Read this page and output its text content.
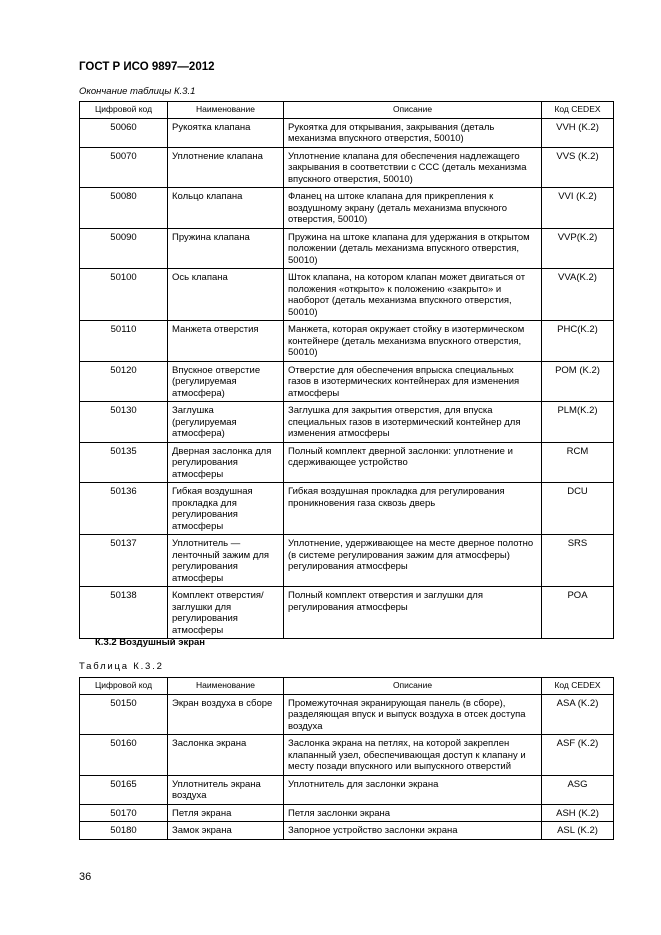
ГОСТ Р ИСО 9897—2012
Окончание таблицы К.3.1
Цифровой код	Наименование	Описание	Код CEDEX
50060	Рукоятка клапана	Рукоятка для открывания, закрывания (деталь механизма впускного отверстия, 50010)	VVH (K.2)
50070	Уплотнение клапана	Уплотнение клапана для обеспечения надлежащего закрывания в соответствии с ССС (деталь механизма впускного отверстия, 50010)	VVS (K.2)
50080	Кольцо клапана	Фланец на штоке клапана для прикрепления к воздушному экрану (деталь механизма впускного отверстия, 50010)	VVI (K.2)
50090	Пружина клапана	Пружина на штоке клапана для удержания в открытом положении (деталь механизма впускного отверстия, 50010)	VVP(K.2)
50100	Ось клапана	Шток клапана, на котором клапан может двигаться от положения «открыто» к положению «закрыто» и наоборот (деталь механизма впускного отверстия, 50010)	VVA(K.2)
50110	Манжета отверстия	Манжета, которая окружает стойку в изотермическом контейнере (деталь механизма впускного отверстия, 50010)	PHC(K.2)
50120	Впускное отверстие (регулируемая атмосфера)	Отверстие для обеспечения впрыска специальных газов в изотермических контейнерах для изменения атмосферы	POM (K.2)
50130	Заглушка (регулируемая атмосфера)	Заглушка для закрытия отверстия, для впуска специальных газов в изотермический контейнер для изменения атмосферы	PLM(K.2)
50135	Дверная заслонка для регулирования атмосферы	Полный комплект дверной заслонки: уплотнение и сдерживающее устройство	RCM
50136	Гибкая воздушная прокладка для регулирования атмосферы	Гибкая воздушная прокладка для регулирования проникновения газа сквозь дверь	DCU
50137	Уплотнитель — ленточный зажим для регулирования атмосферы	Уплотнение, удерживающее на месте дверное полотно (в системе регулирования зажим для атмосферы) регулирования атмосферы	SRS
50138	Комплект отверстия/заглушки для регулирования атмосферы	Полный комплект отверстия и заглушки для регулирования атмосферы	POA
К.3.2 Воздушный экран
Таблица К.3.2
Цифровой код	Наименование	Описание	Код CEDEX
50150	Экран воздуха в сборе	Промежуточная экранирующая панель (в сборе), разделяющая впуск и выпуск воздуха в отсек доступа воздуха	ASA (K.2)
50160	Заслонка экрана	Заслонка экрана на петлях, на которой закреплен клапанный узел, обеспечивающая доступ к клапану и месту позади впускного или выпускного отверстий	ASF (K.2)
50165	Уплотнитель экрана воздуха	Уплотнитель для заслонки экрана	ASG
50170	Петля экрана	Петля заслонки экрана	ASH (K.2)
50180	Замок экрана	Запорное устройство заслонки экрана	ASL (K.2)
36
